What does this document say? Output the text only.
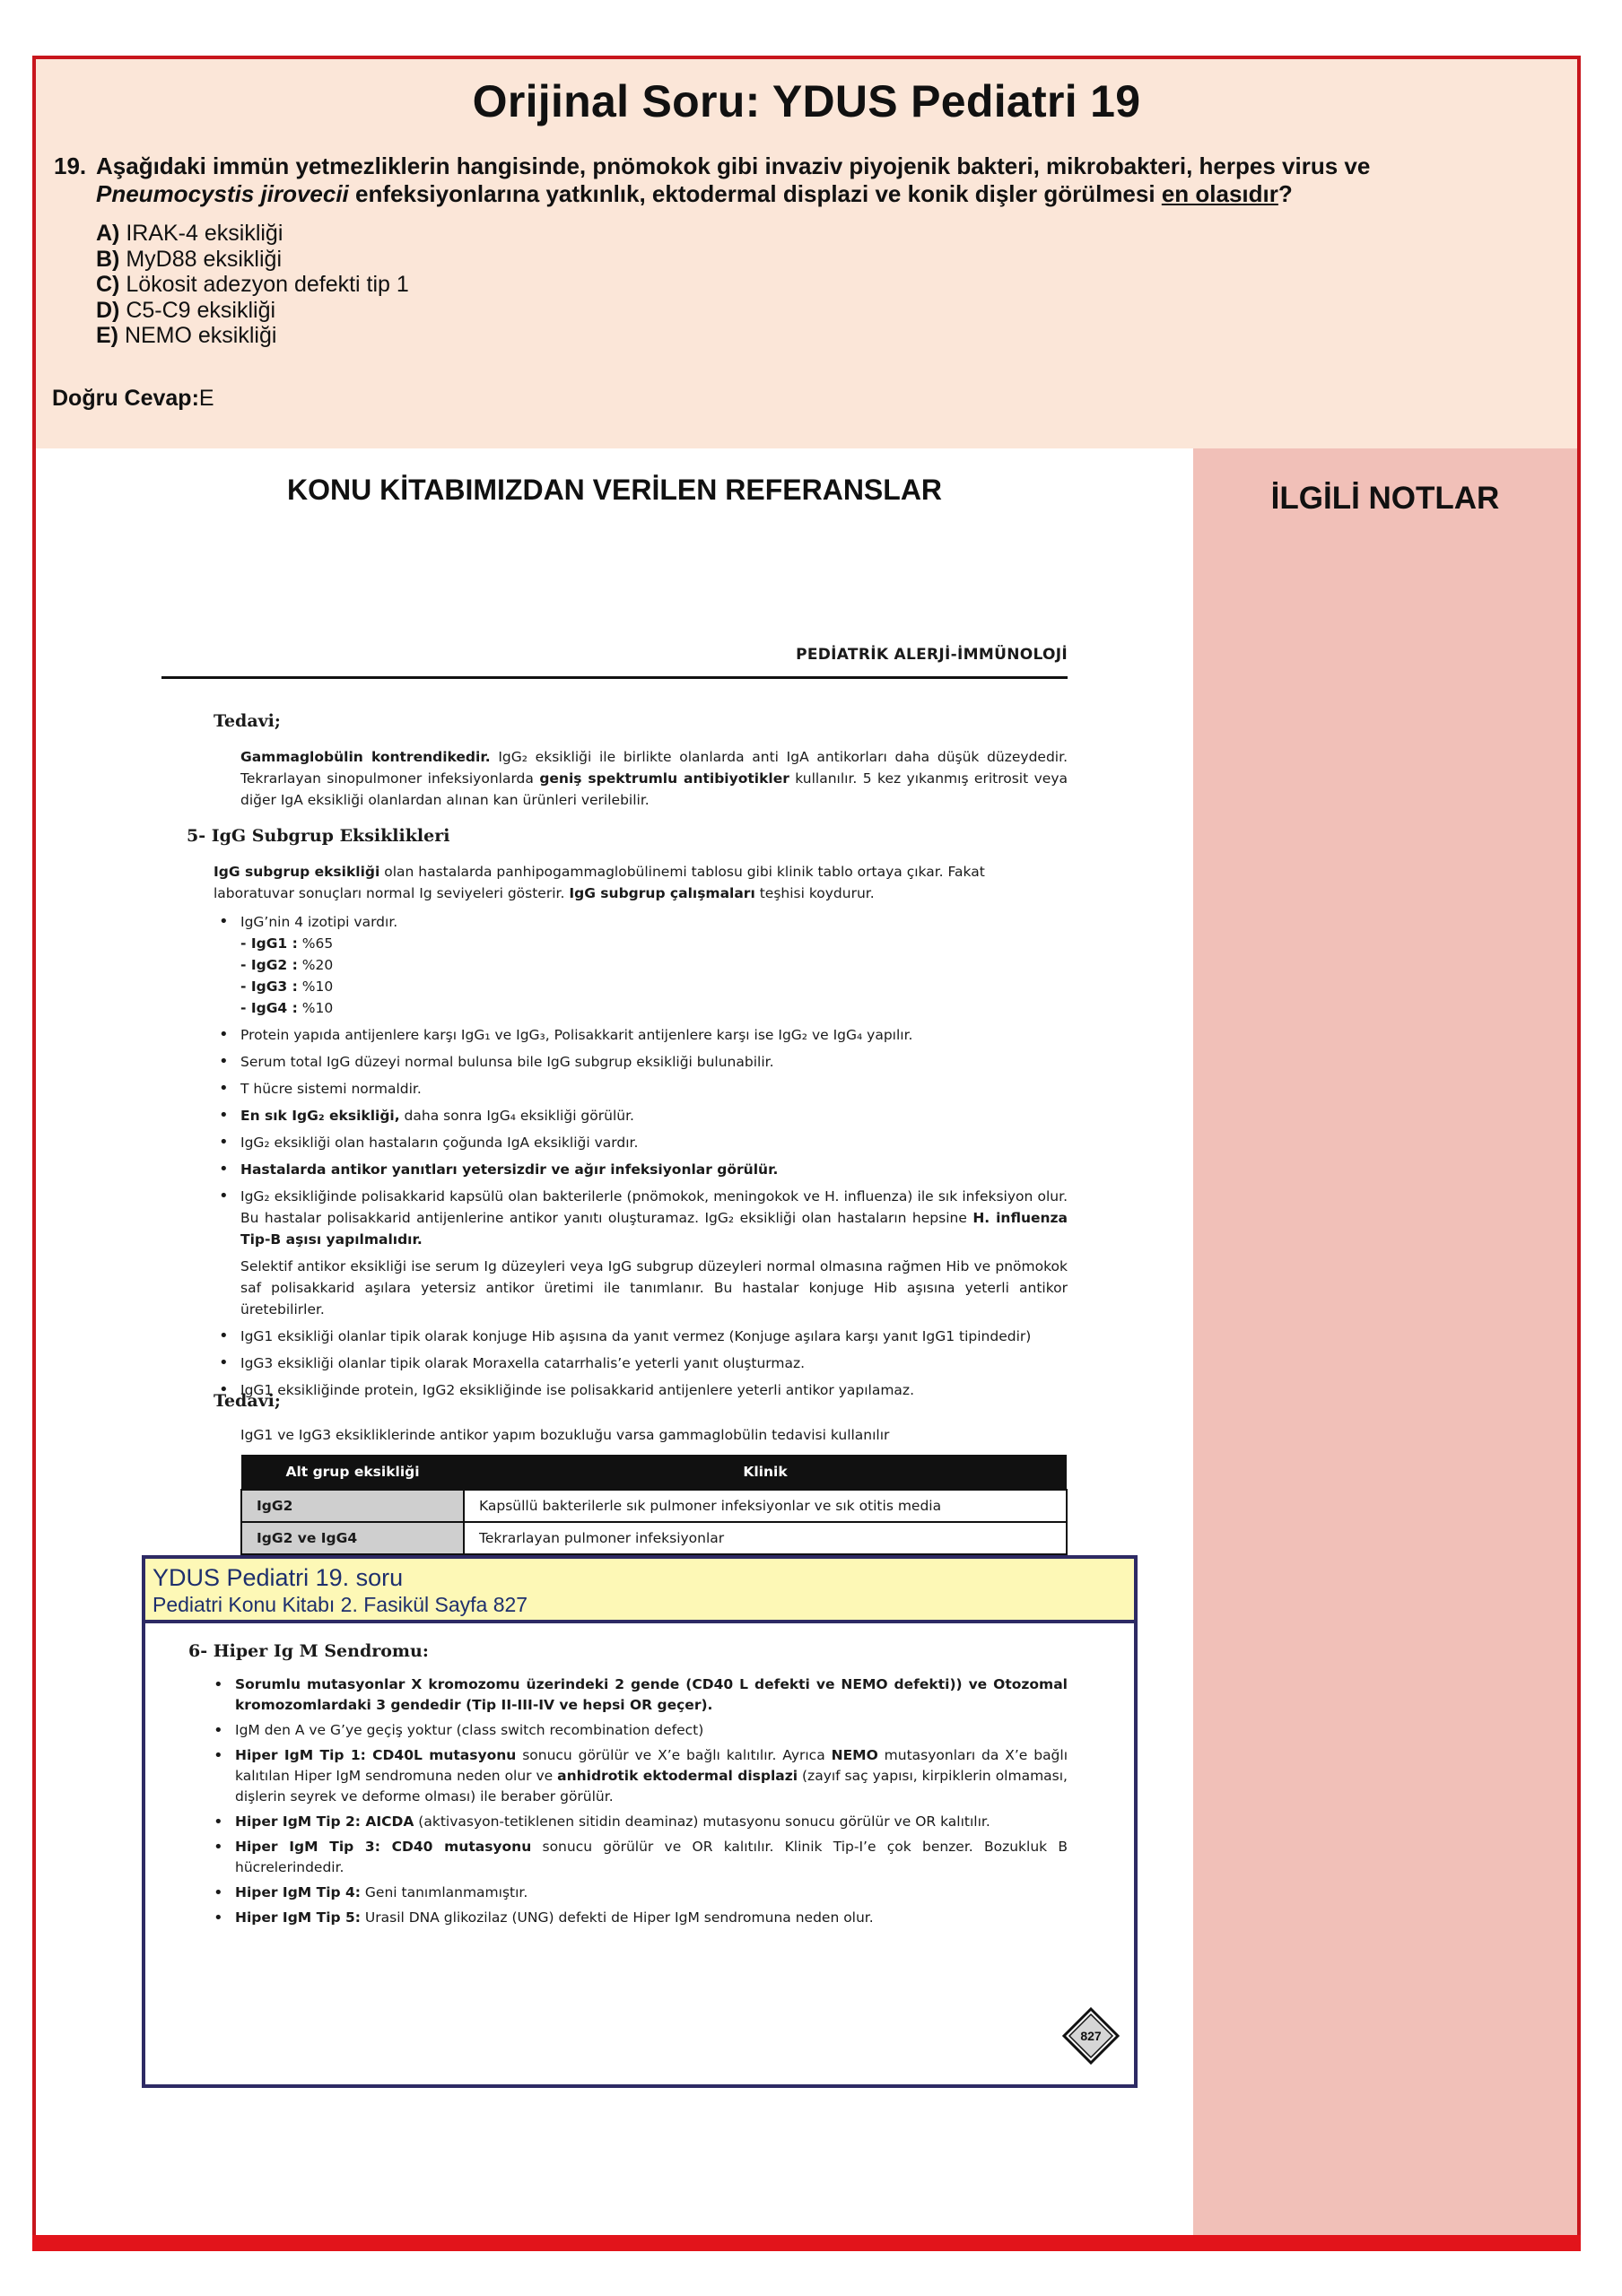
Orijinal Soru: YDUS Pediatri 19
19. Aşağıdaki immün yetmezliklerin hangisinde, pnömokok gibi invaziv piyojenik bakteri, mikrobakteri, herpes virus ve
Pneumocystis jirovecii enfeksiyonlarına yatkınlık, ektodermal displazi ve konik dişler görülmesi en olasıdır?
A) IRAK-4 eksikliği
B) MyD88 eksikliği
C) Lökosit adezyon defekti tip 1
D) C5-C9 eksikliği
E) NEMO eksikliği
Doğru Cevap:E
KONU KİTABIMIZDAN VERİLEN REFERANSLAR	İLGİLİ NOTLAR
PEDİATRİK ALERJİ-İMMÜNOLOJİ
Tedavi;
Gammaglobülin kontrendikedir. IgG₂ eksikliği ile birlikte olanlarda anti IgA antikorları daha düşük düzeydedir. Tekrarlayan sinopulmoner infeksiyonlarda geniş spektrumlu antibiyotikler kullanılır. 5 kez yıkanmış eritrosit veya diğer IgA eksikliği olanlardan alınan kan ürünleri verilebilir.
5- IgG Subgrup Eksiklikleri
IgG subgrup eksikliği olan hastalarda panhipogammaglobülinemi tablosu gibi klinik tablo ortaya çıkar. Fakat laboratuvar sonuçları normal Ig seviyeleri gösterir. IgG subgrup çalışmaları teşhisi koydurur.
• IgG’nin 4 izotipi vardır.
- IgG1 : %65
- IgG2 : %20
- IgG3 : %10
- IgG4 : %10
• Protein yapıda antijenlere karşı IgG₁ ve IgG₃, Polisakkarit antijenlere karşı ise IgG₂ ve IgG₄ yapılır.
• Serum total IgG düzeyi normal bulunsa bile IgG subgrup eksikliği bulunabilir.
• T hücre sistemi normaldir.
• En sık IgG₂ eksikliği, daha sonra IgG₄ eksikliği görülür.
• IgG₂ eksikliği olan hastaların çoğunda IgA eksikliği vardır.
• Hastalarda antikor yanıtları yetersizdir ve ağır infeksiyonlar görülür.
• IgG₂ eksikliğinde polisakkarid kapsülü olan bakterilerle (pnömokok, meningokok ve H. influenza) ile sık infeksiyon olur. Bu hastalar polisakkarid antijenlerine antikor yanıtı oluşturamaz. IgG₂ eksikliği olan hastaların hepsine H. influenza Tip-B aşısı yapılmalıdır.
Selektif antikor eksikliği ise serum Ig düzeyleri veya IgG subgrup düzeyleri normal olmasına rağmen Hib ve pnömokok saf polisakkarid aşılara yetersiz antikor üretimi ile tanımlanır. Bu hastalar konjuge Hib aşısına yeterli antikor üretebilirler.
• IgG1 eksikliği olanlar tipik olarak konjuge Hib aşısına da yanıt vermez (Konjuge aşılara karşı yanıt IgG1 tipindedir)
• IgG3 eksikliği olanlar tipik olarak Moraxella catarrhalis’e yeterli yanıt oluşturmaz.
• IgG1 eksikliğinde protein, IgG2 eksikliğinde ise polisakkarid antijenlere yeterli antikor yapılamaz.
Tedavi;
IgG1 ve IgG3 eksikliklerinde antikor yapım bozukluğu varsa gammaglobülin tedavisi kullanılır
Alt grup eksikliği	Klinik
IgG2	Kapsüllü bakterilerle sık pulmoner infeksiyonlar ve sık otitis media
IgG2 ve IgG4	Tekrarlayan pulmoner infeksiyonlar
YDUS Pediatri 19. soru
Pediatri Konu Kitabı 2. Fasikül Sayfa 827
6- Hiper Ig M Sendromu:
• Sorumlu mutasyonlar X kromozomu üzerindeki 2 gende (CD40 L defekti ve NEMO defekti)) ve Otozomal kromozomlardaki 3 gendedir (Tip II-III-IV ve hepsi OR geçer).
• IgM den A ve G’ye geçiş yoktur (class switch recombination defect)
• Hiper IgM Tip 1: CD40L mutasyonu sonucu görülür ve X’e bağlı kalıtılır. Ayrıca NEMO mutasyonları da X’e bağlı kalıtılan Hiper IgM sendromuna neden olur ve anhidrotik ektodermal displazi (zayıf saç yapısı, kirpiklerin olmaması, dişlerin seyrek ve deforme olması) ile beraber görülür.
• Hiper IgM Tip 2: AICDA (aktivasyon-tetiklenen sitidin deaminaz) mutasyonu sonucu görülür ve OR kalıtılır.
• Hiper IgM Tip 3: CD40 mutasyonu sonucu görülür ve OR kalıtılır. Klinik Tip-I’e çok benzer. Bozukluk B hücrelerindedir.
• Hiper IgM Tip 4: Geni tanımlanmamıştır.
• Hiper IgM Tip 5: Urasil DNA glikozilaz (UNG) defekti de Hiper IgM sendromuna neden olur.
827
